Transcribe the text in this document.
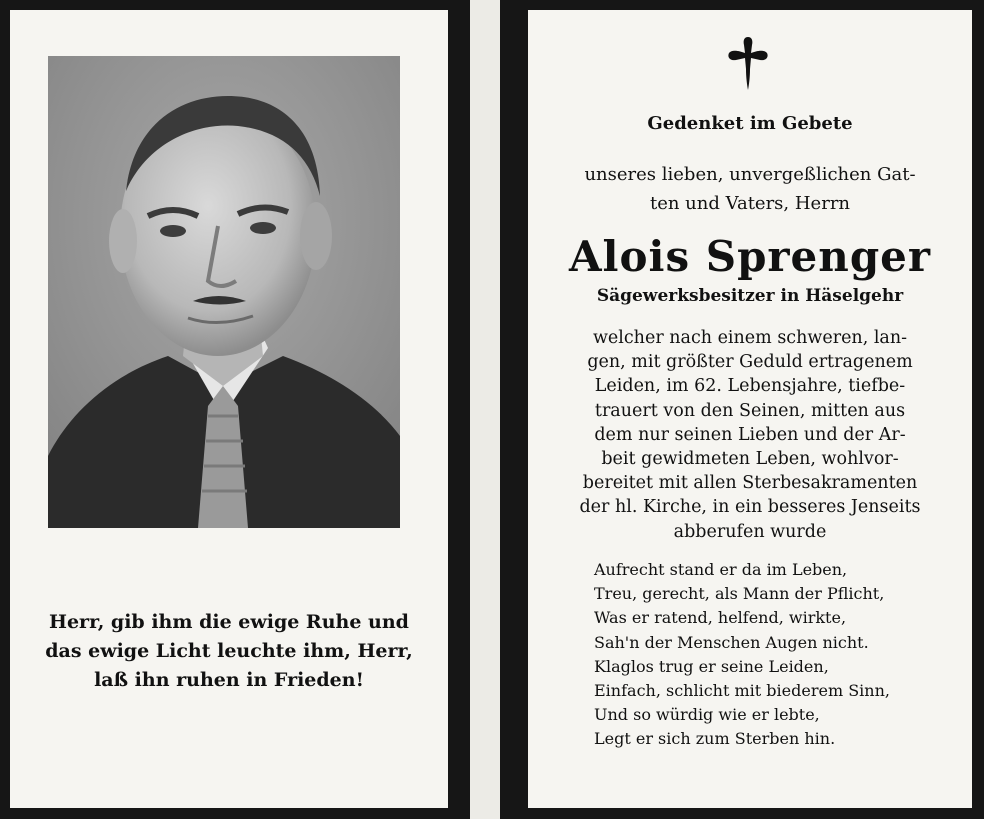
Herr, gib ihm die ewige Ruhe und
das ewige Licht leuchte ihm, Herr,
laß ihn ruhen in Frieden!
Gedenket im Gebete
unseres lieben, unvergeßlichen Gat-
ten und Vaters, Herrn
Alois Sprenger
Sägewerksbesitzer in Häselgehr
welcher nach einem schweren, lan-
gen, mit größter Geduld ertragenem
Leiden, im 62. Lebensjahre, tiefbe-
trauert von den Seinen, mitten aus
dem nur seinen Lieben und der Ar-
beit gewidmeten Leben, wohlvor-
bereitet mit allen Sterbesakramenten
der hl. Kirche, in ein besseres Jenseits
abberufen wurde
Aufrecht stand er da im Leben,
Treu, gerecht, als Mann der Pflicht,
Was er ratend, helfend, wirkte,
Sah'n der Menschen Augen nicht.
Klaglos trug er seine Leiden,
Einfach, schlicht mit biederem Sinn,
Und so würdig wie er lebte,
Legt er sich zum Sterben hin.
